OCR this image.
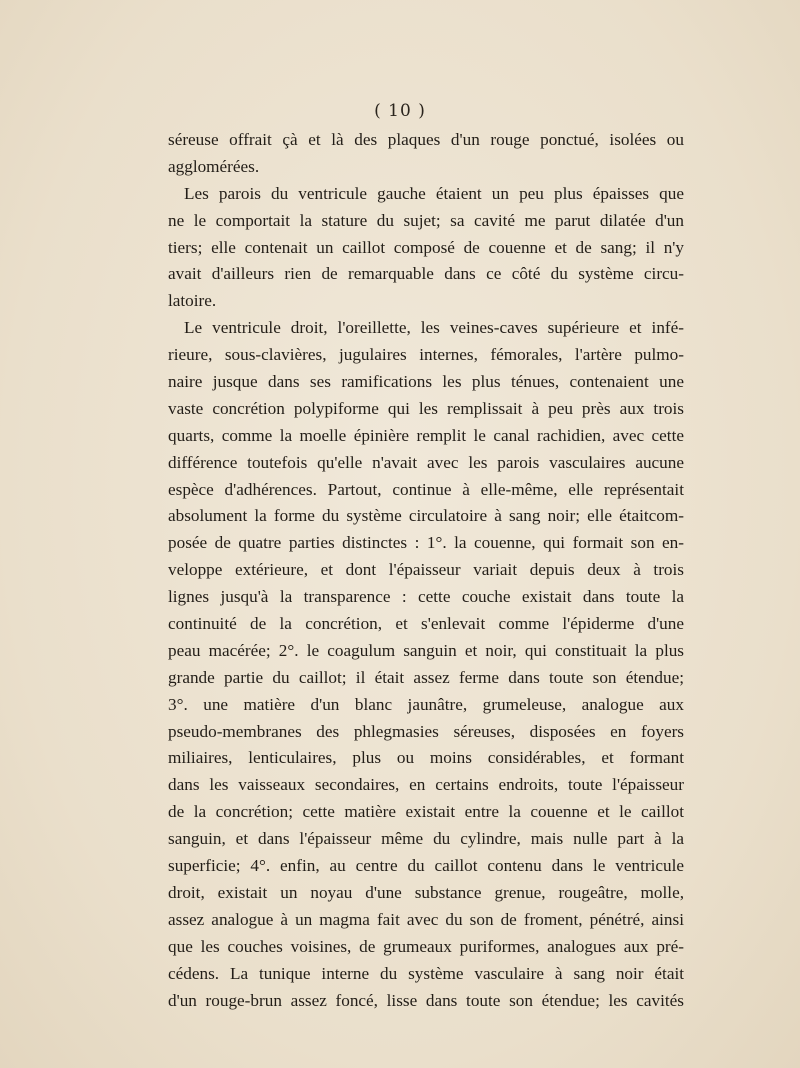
( 10 )
séreuse offrait çà et là des plaques d'un rouge ponctué, isolées ou
agglomérées.
Les parois du ventricule gauche étaient un peu plus épaisses que
ne le comportait la stature du sujet; sa cavité me parut dilatée d'un
tiers; elle contenait un caillot composé de couenne et de sang; il n'y
avait d'ailleurs rien de remarquable dans ce côté du système circu-
latoire.
Le ventricule droit, l'oreillette, les veines-caves supérieure et infé-
rieure, sous-clavières, jugulaires internes, fémorales, l'artère pulmo-
naire jusque dans ses ramifications les plus ténues, contenaient une
vaste concrétion polypiforme qui les remplissait à peu près aux trois
quarts, comme la moelle épinière remplit le canal rachidien, avec cette
différence toutefois qu'elle n'avait avec les parois vasculaires aucune
espèce d'adhérences. Partout, continue à elle-même, elle représentait
absolument la forme du système circulatoire à sang noir; elle étaitcom-
posée de quatre parties distinctes : 1°. la couenne, qui formait son en-
veloppe extérieure, et dont l'épaisseur variait depuis deux à trois
lignes jusqu'à la transparence : cette couche existait dans toute la
continuité de la concrétion, et s'enlevait comme l'épiderme d'une
peau macérée; 2°. le coagulum sanguin et noir, qui constituait la plus
grande partie du caillot; il était assez ferme dans toute son étendue;
3°. une matière d'un blanc jaunâtre, grumeleuse, analogue aux
pseudo-membranes des phlegmasies séreuses, disposées en foyers
miliaires, lenticulaires, plus ou moins considérables, et formant
dans les vaisseaux secondaires, en certains endroits, toute l'épaisseur
de la concrétion; cette matière existait entre la couenne et le caillot
sanguin, et dans l'épaisseur même du cylindre, mais nulle part à la
superficie; 4°. enfin, au centre du caillot contenu dans le ventricule
droit, existait un noyau d'une substance grenue, rougeâtre, molle,
assez analogue à un magma fait avec du son de froment, pénétré, ainsi
que les couches voisines, de grumeaux puriformes, analogues aux pré-
cédens. La tunique interne du système vasculaire à sang noir était
d'un rouge-brun assez foncé, lisse dans toute son étendue; les cavités
